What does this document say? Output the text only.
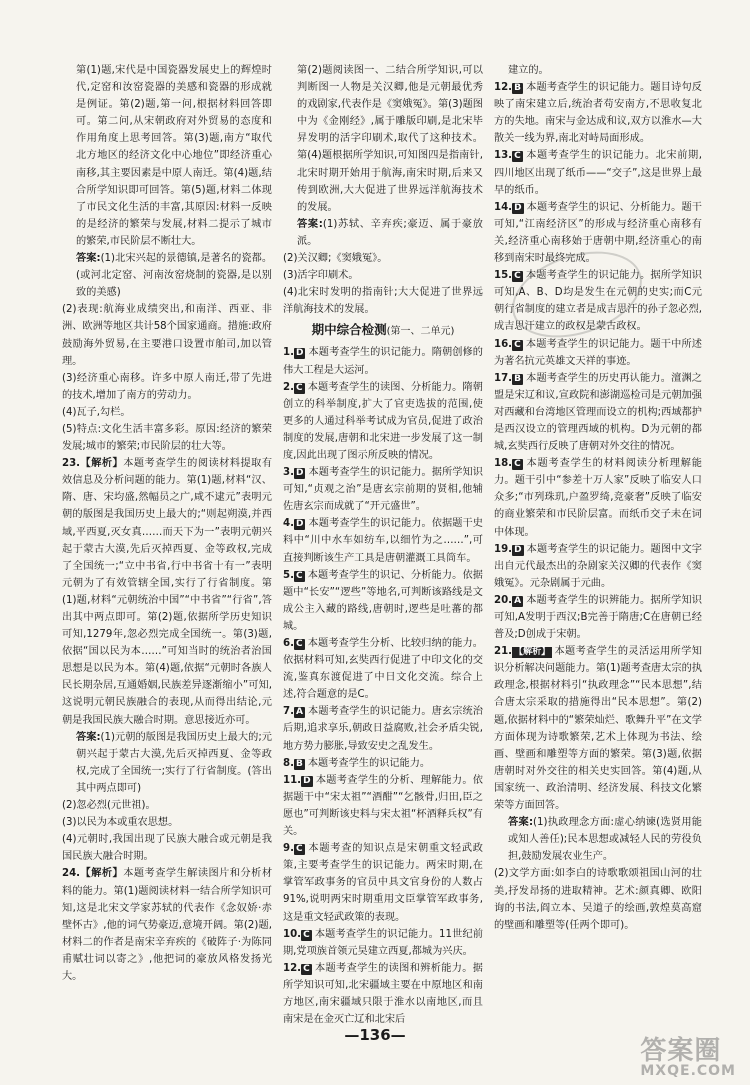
第(1)题,宋代是中国瓷器发展史上的辉煌时代,定窑和汝窑瓷器的美感和瓷器的形成就是例证。第(2)题,第一问,根据材料回答即可。第二问,从宋朝政府对外贸易的态度和作用角度上思考回答。第(3)题,南方“取代北方地区的经济文化中心地位”即经济重心南移,其主要因素是中原人南迁。第(4)题,结合所学知识即可回答。第(5)题,材料二体现了市民文化生活的丰富,其原因:材料一反映的是经济的繁荣与发展,材料二提示了城市的繁荣,市民阶层不断壮大。

答案:(1)北宋兴起的景德镇,是著名的瓷都。(或河北定窑、河南汝窑烧制的瓷器,是以别致的美感)

(2)表现:航海业成绩突出,和南洋、西亚、非洲、欧洲等地区共计58个国家通商。措施:政府鼓励海外贸易,在主要港口设置市舶司,加以管理。

(3)经济重心南移。许多中原人南迁,带了先进的技术,增加了南方的劳动力。

(4)瓦子,勾栏。

(5)特点:文化生活丰富多彩。原因:经济的繁荣发展;城市的繁荣;市民阶层的壮大等。

23.【解析】本题考查学生的阅读材料提取有效信息及分析问题的能力。第(1)题,材料“汉、隋、唐、宋均盛,然幅员之广,咸不逮元”表明元朝的版图是我国历史上最大的;“则起朔漠,并西域,平西夏,灭女真……而天下为一”表明元朝兴起于蒙古大漠,先后灭掉西夏、金等政权,完成了全国统一;“立中书省,行中书省十有一”表明元朝为了有效管辖全国,实行了行省制度。第(1)题,材料“元朝统治中国”“中书省”“行省”,答出其中两点即可。第(2)题,依据所学历史知识可知,1279年,忽必烈完成全国统一。第(3)题,依据“国以民为本……”可知当时的统治者治国思想是以民为本。第(4)题,依据“元朝时各族人民长期杂居,互通婚姻,民族差异逐渐缩小”可知,这说明元朝民族融合的表现,从而得出结论,元朝是我国民族大融合时期。意思接近亦可。

答案:(1)元朝的版图是我国历史上最大的;元朝兴起于蒙古大漠,先后灭掉西夏、金等政权,完成了全国统一;实行了行省制度。(答出其中两点即可)

(2)忽必烈(元世祖)。

(3)以民为本或重农思想。

(4)元朝时,我国出现了民族大融合或元朝是我国民族大融合时期。

24.【解析】本题考查学生解读图片和分析材料的能力。第(1)题阅读材料一结合所学知识可知,这是北宋文学家苏轼的代表作《念奴娇·赤壁怀古》,他的词气势豪迈,意境开阔。第(2)题,材料二的作者是南宋辛弃疾的《破阵子·为陈同甫赋壮词以寄之》,他把词的豪放风格发扬光大。

第(2)题阅读图一、二结合所学知识,可以判断图一人物是关汉卿,他是元朝最优秀的戏剧家,代表作是《窦娥冤》。第(3)题图中为《金刚经》,属于雕版印刷,是北宋毕昇发明的活字印刷术,取代了这种技术。第(4)题根据所学知识,可知图四是指南针,北宋时期开始用于航海,南宋时期,后来又传到欧洲,大大促进了世界远洋航海技术的发展。

答案:(1)苏轼、辛弃疾;豪迈、属于豪放派。

(2)关汉卿;《窦娥冤》。

(3)活字印刷术。

(4)北宋时发明的指南针;大大促进了世界远洋航海技术的发展。

期中综合检测(第一、二单元)

1. D 本题考查学生的识记能力。隋朝创修的伟大工程是大运河。

2. C 本题考查学生的读图、分析能力。隋朝创立的科举制度,扩大了官吏选拔的范围,使更多的人通过科举考试成为官员,促进了政治制度的发展,唐朝和北宋进一步发展了这一制度,因此出现了图示所反映的情况。

3. D 本题考查学生的识记能力。据所学知识可知,“贞观之治”是唐玄宗前期的贤相,他辅佐唐玄宗而成就了“开元盛世”。

4. D 本题考查学生的识记能力。依据题干史料中“川中水车如纺车,以细竹为之……”,可直接判断该生产工具是唐朝灌溉工具筒车。

5. C 本题考查学生的识记、分析能力。依据题中“长安”“逻些”等地名,可判断该路线是文成公主入藏的路线,唐朝时,逻些是吐蕃的都城。

6. C 本题考查学生分析、比较归纳的能力。依据材料可知,玄奘西行促进了中印文化的交流,鉴真东渡促进了中日文化交流。综合上述,符合题意的是C。

7. A 本题考查学生的识记能力。唐玄宗统治后期,追求享乐,朝政日益腐败,社会矛盾尖锐,地方势力膨胀,导致安史之乱发生。

8. B 本题考查学生的识记能力。

11. D 本题考查学生的分析、理解能力。依据题干中“宋太祖”“酒酣”“乞骸骨,归田,臣之愿也”可判断该史料与宋太祖“杯酒释兵权”有关。

9. C 本题考查的知识点是宋朝重文轻武政策,主要考查学生的识记能力。两宋时期,在掌管军政事务的官员中具文官身份的人数占91%,说明两宋时期重用文臣掌管军政事务,这是重文轻武政策的表现。

10. C 本题考查学生的识记能力。11世纪前期,党项族首领元昊建立西夏,都城为兴庆。

12. C 本题考查学生的读图和辨析能力。据所学知识可知,北宋疆域主要在中原地区和南方地区,南宋疆域只限于淮水以南地区,而且南宋是在金灭亡辽和北宋后

建立的。

12. B 本题考查学生的识记能力。题目诗句反映了南宋建立后,统治者苟安南方,不思收复北方的失地。南宋与金达成和议,双方以淮水—大散关一线为界,南北对峙局面形成。

13. C 本题考查学生的识记能力。北宋前期,四川地区出现了纸币——“交子”,这是世界上最早的纸币。

14. D 本题考查学生的识记、分析能力。题干可知,“江南经济区”的形成与经济重心南移有关,经济重心南移始于唐朝中期,经济重心的南移到南宋时最终完成。

15. C 本题考查学生的识记能力。据所学知识可知,A、B、D均是发生在元朝的史实;而C元朝行省制度的建立者是成吉思汗的孙子忽必烈,成吉思汗建立的政权是蒙古政权。

16. C 本题考查学生的识记能力。题干中所述为著名抗元英雄文天祥的事迹。

17. B 本题考查学生的历史再认能力。澶渊之盟是宋辽和议,宣政院和澎湖巡检司是元朝加强对西藏和台湾地区管理而设立的机构;西域都护是西汉设立的管理西域的机构。D为元朝的都城,玄奘西行反映了唐朝对外交往的情况。

18. C 本题考查学生的材料阅读分析理解能力。题干引中“参差十万人家”反映了临安人口众多;“市列珠玑,户盈罗绮,竞豪奢”反映了临安的商业繁荣和市民阶层富。而纸币交子未在词中体现。

19. D 本题考查学生的识记能力。题图中文字出自元代最杰出的杂剧家关汉卿的代表作《窦娥冤》。元杂剧属于元曲。

20. A 本题考查学生的识辨能力。据所学知识可知,A发明于西汉;B完善于隋唐;C在唐朝已经普及;D创成于宋朝。

21. 【解析】 本题考查学生的灵活运用所学知识分析解决问题能力。第(1)题考查唐太宗的执政理念,根据材料引“执政理念”“民本思想”,结合唐太宗采取的措施得出“民本思想”。第(2)题,依据材料中的“繁荣灿烂、歌舞升平”在文学方面体现为诗歌繁荣,艺术上体现为书法、绘画、壁画和雕塑等方面的繁荣。第(3)题,依据唐朝时对外交往的相关史实回答。第(4)题,从国家统一、政治清明、经济发展、科技文化繁荣等方面回答。

答案:(1)执政理念方面:虚心纳谏(选贤用能或知人善任);民本思想或减轻人民的劳役负担,鼓励发展农业生产。

(2)文学方面:如李白的诗歌歌颂祖国山河的壮美,抒发昂扬的进取精神。艺术:颜真卿、欧阳询的书法,阎立本、吴道子的绘画,敦煌莫高窟的壁画和雕塑等(任两个即可)。

—136—
答案圈
MXQE.COM
